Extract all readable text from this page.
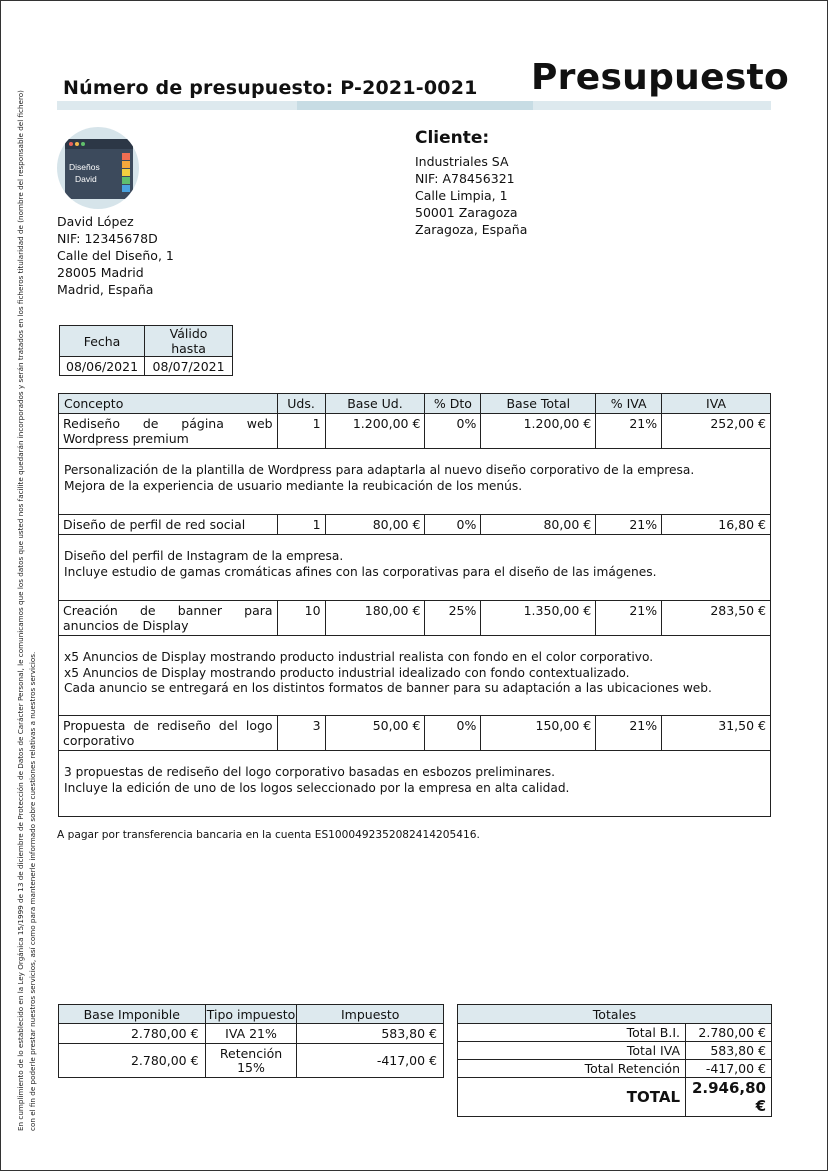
En cumplimiento de lo establecido en la Ley Orgánica 15/1999 de 13 de diciembre de Protección de Datos de Carácter Personal, le comunicamos que los datos que usted nos facilite quedarán incorporados y serán tratados en los ficheros titularidad de (nombre del responsable del fichero) con el fin de poderle prestar nuestros servicios, así como para mantenerle informado sobre cuestiones relativas a nuestros servicios.
Número de presupuesto: P-2021-0021 Presupuesto
Diseños
David
David López
NIF: 12345678D
Calle del Diseño, 1
28005 Madrid
Madrid, España
Cliente:
Industriales SA
NIF: A78456321
Calle Limpia, 1
50001 Zaragoza
Zaragoza, España
Fecha	Válido hasta
08/06/2021	08/07/2021
Concepto	Uds.	Base Ud.	% Dto	Base Total	% IVA	IVA
Rediseño de página web Wordpress premium	1	1.200,00 €	0%	1.200,00 €	21%	252,00 €

Personalización de la plantilla de Wordpress para adaptarla al nuevo diseño corporativo de la empresa.
Mejora de la experiencia de usuario mediante la reubicación de los menús.						

Diseño de perfil de red social	1	80,00 €	0%	80,00 €	21%	16,80 €

Diseño del perfil de Instagram de la empresa.
Incluye estudio de gamas cromáticas afines con las corporativas para el diseño de las imágenes.						

Creación de banner para anuncios de Display	10	180,00 €	25%	1.350,00 €	21%	283,50 €

x5 Anuncios de Display mostrando producto industrial realista con fondo en el color corporativo.
x5 Anuncios de Display mostrando producto industrial idealizado con fondo contextualizado.
Cada anuncio se entregará en los distintos formatos de banner para su adaptación a las ubicaciones web.						

Propuesta de rediseño del logo corporativo	3	50,00 €	0%	150,00 €	21%	31,50 €

3 propuestas de rediseño del logo corporativo basadas en esbozos preliminares.
Incluye la edición de uno de los logos seleccionado por la empresa en alta calidad.						
A pagar por transferencia bancaria en la cuenta ES1000492352082414205416.
Base Imponible	Tipo impuesto	Impuesto
2.780,00 €	IVA 21%	583,80 €
2.780,00 €	Retención 15%	-417,00 €
Totales	
Total B.I.	2.780,00 €
Total IVA	583,80 €
Total Retención	-417,00 €
TOTAL	2.946,80 €
